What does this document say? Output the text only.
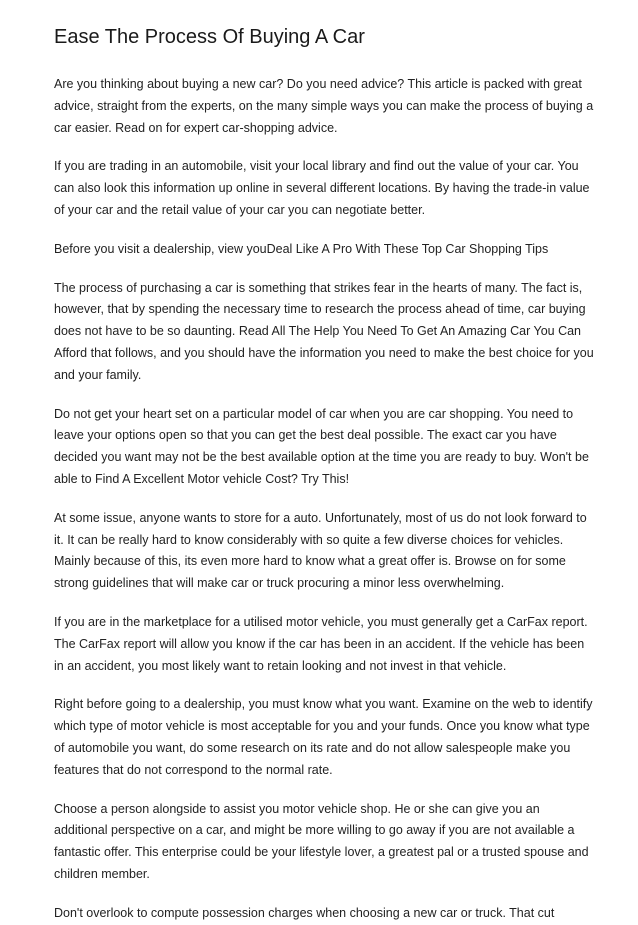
Ease The Process Of Buying A Car

Are you thinking about buying a new car? Do you need advice? This article is packed with great advice, straight from the experts, on the many simple ways you can make the process of buying a car easier. Read on for expert car-shopping advice.

If you are trading in an automobile, visit your local library and find out the value of your car. You can also look this information up online in several different locations. By having the trade-in value of your car and the retail value of your car you can negotiate better.

Before you visit a dealership, view youDeal Like A Pro With These Top Car Shopping Tips

The process of purchasing a car is something that strikes fear in the hearts of many. The fact is, however, that by spending the necessary time to research the process ahead of time, car buying does not have to be so daunting. Read All The Help You Need To Get An Amazing Car You Can Afford that follows, and you should have the information you need to make the best choice for you and your family.

Do not get your heart set on a particular model of car when you are car shopping. You need to leave your options open so that you can get the best deal possible. The exact car you have decided you want may not be the best available option at the time you are ready to buy. Won't be able to Find A Excellent Motor vehicle Cost? Try This!

At some issue, anyone wants to store for a auto. Unfortunately, most of us do not look forward to it. It can be really hard to know considerably with so quite a few diverse choices for vehicles. Mainly because of this, its even more hard to know what a great offer is. Browse on for some strong guidelines that will make car or truck procuring a minor less overwhelming.

If you are in the marketplace for a utilised motor vehicle, you must generally get a CarFax report. The CarFax report will allow you know if the car has been in an accident. If the vehicle has been in an accident, you most likely want to retain looking and not invest in that vehicle.

Right before going to a dealership, you must know what you want. Examine on the web to identify which type of motor vehicle is most acceptable for you and your funds. Once you know what type of automobile you want, do some research on its rate and do not allow salespeople make you features that do not correspond to the normal rate.

Choose a person alongside to assist you motor vehicle shop. He or she can give you an additional perspective on a car, and might be more willing to go away if you are not available a fantastic offer. This enterprise could be your lifestyle lover, a greatest pal or a trusted spouse and children member.

Don't overlook to compute possession charges when choosing a new car or truck. That cut
